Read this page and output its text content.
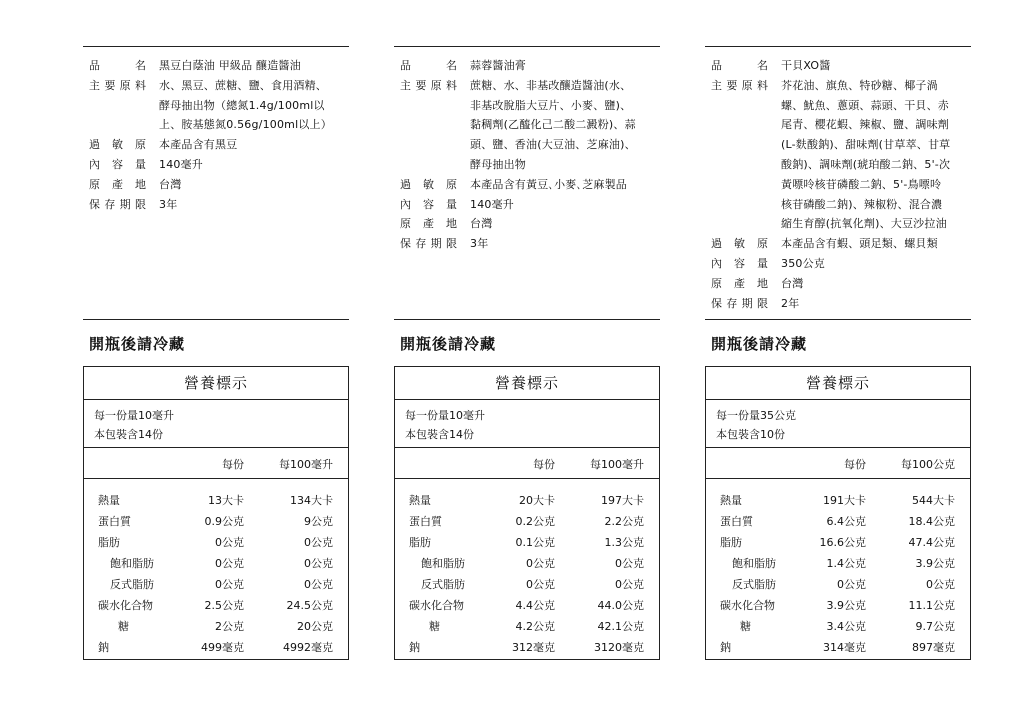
品	名 黑豆白蔭油 甲級品 釀造醬油
主 要 原 料 水、黑豆、蔗糖、鹽、食用酒精、
酵母抽出物（總氮1.4g/100ml以
上、胺基態氮0.56g/100ml以上）
過 敏 原 本產品含有黑豆
內 容 量 140毫升
原 產 地 台灣
保 存 期 限 3年
開瓶後請冷藏
營養標示
每一份量10毫升
本包裝含14份
每份	每100毫升
熱量	13大卡	134大卡
蛋白質	0.9公克	9公克
脂肪	0公克	0公克
飽和脂肪	0公克	0公克
反式脂肪	0公克	0公克
碳水化合物	2.5公克	24.5公克
糖	2公克	20公克
鈉	499毫克	4992毫克
品	名 蒜蓉醬油膏
主 要 原 料 蔗糖、水、非基改釀造醬油(水、
非基改脫脂大豆片、小麥、鹽)、
黏稠劑(乙醯化己二酸二澱粉)、蒜
頭、鹽、香油(大豆油、芝麻油)、
酵母抽出物
過 敏 原 本產品含有黃豆､小麥､芝麻製品
內 容 量 140毫升
原 產 地 台灣
保 存 期 限 3年
開瓶後請冷藏
營養標示
每一份量10毫升
本包裝含14份
每份	每100毫升
熱量	20大卡	197大卡
蛋白質	0.2公克	2.2公克
脂肪	0.1公克	1.3公克
飽和脂肪	0公克	0公克
反式脂肪	0公克	0公克
碳水化合物	4.4公克	44.0公克
糖	4.2公克	42.1公克
鈉	312毫克	3120毫克
品	名 干貝XO醬
主 要 原 料 芥花油、旗魚、特砂糖、椰子渦
螺、魷魚、蔥頭、蒜頭、干貝、赤
尾青、櫻花蝦、辣椒、鹽、調味劑
(L-麩酸鈉)、甜味劑(甘草萃、甘草
酸鈉)、調味劑(琥珀酸二鈉、5'-次
黃嘌呤核苷磷酸二鈉、5'-鳥嘌呤
核苷磷酸二鈉)、辣椒粉、混合濃
縮生育醇(抗氧化劑)、大豆沙拉油
過 敏 原 本產品含有蝦、頭足類、螺貝類
內 容 量 350公克
原 產 地 台灣
保 存 期 限 2年
開瓶後請冷藏
營養標示
每一份量35公克
本包裝含10份
每份	每100公克
熱量	191大卡	544大卡
蛋白質	6.4公克	18.4公克
脂肪	16.6公克	47.4公克
飽和脂肪	1.4公克	3.9公克
反式脂肪	0公克	0公克
碳水化合物	3.9公克	11.1公克
糖	3.4公克	9.7公克
鈉	314毫克	897毫克
